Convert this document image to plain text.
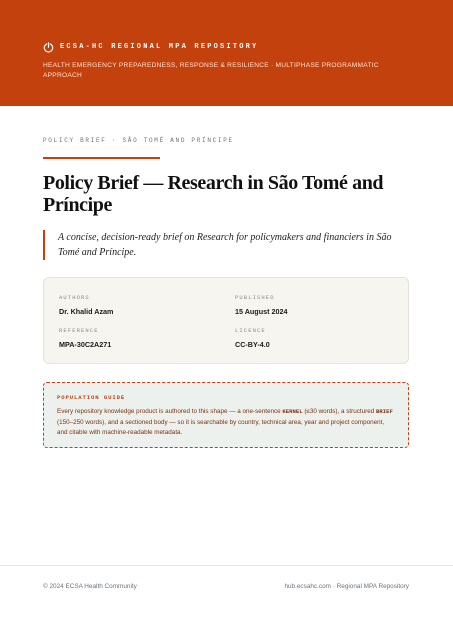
ECSA-HC REGIONAL MPA REPOSITORY
HEALTH EMERGENCY PREPAREDNESS, RESPONSE & RESILIENCE · MULTIPHASE PROGRAMMATIC APPROACH
POLICY BRIEF · SÃO TOMÉ AND PRÍNCIPE
Policy Brief — Research in São Tomé and Príncipe

A concise, decision-ready brief on Research for policymakers and financiers in São Tomé and Príncipe.

AUTHORS
Dr. Khalid Azam
PUBLISHED
15 August 2024
REFERENCE
MPA-30C2A271
LICENCE
CC-BY-4.0
POPULATION GUIDE

Every repository knowledge product is authored to this shape — a one-sentence KERNEL (≤30 words), a structured BRIEF (150–250 words), and a sectioned body — so it is searchable by country, technical area, year and project component, and citable with machine-readable metadata.

© 2024 ECSA Health Community	hub.ecsahc.com · Regional MPA Repository
